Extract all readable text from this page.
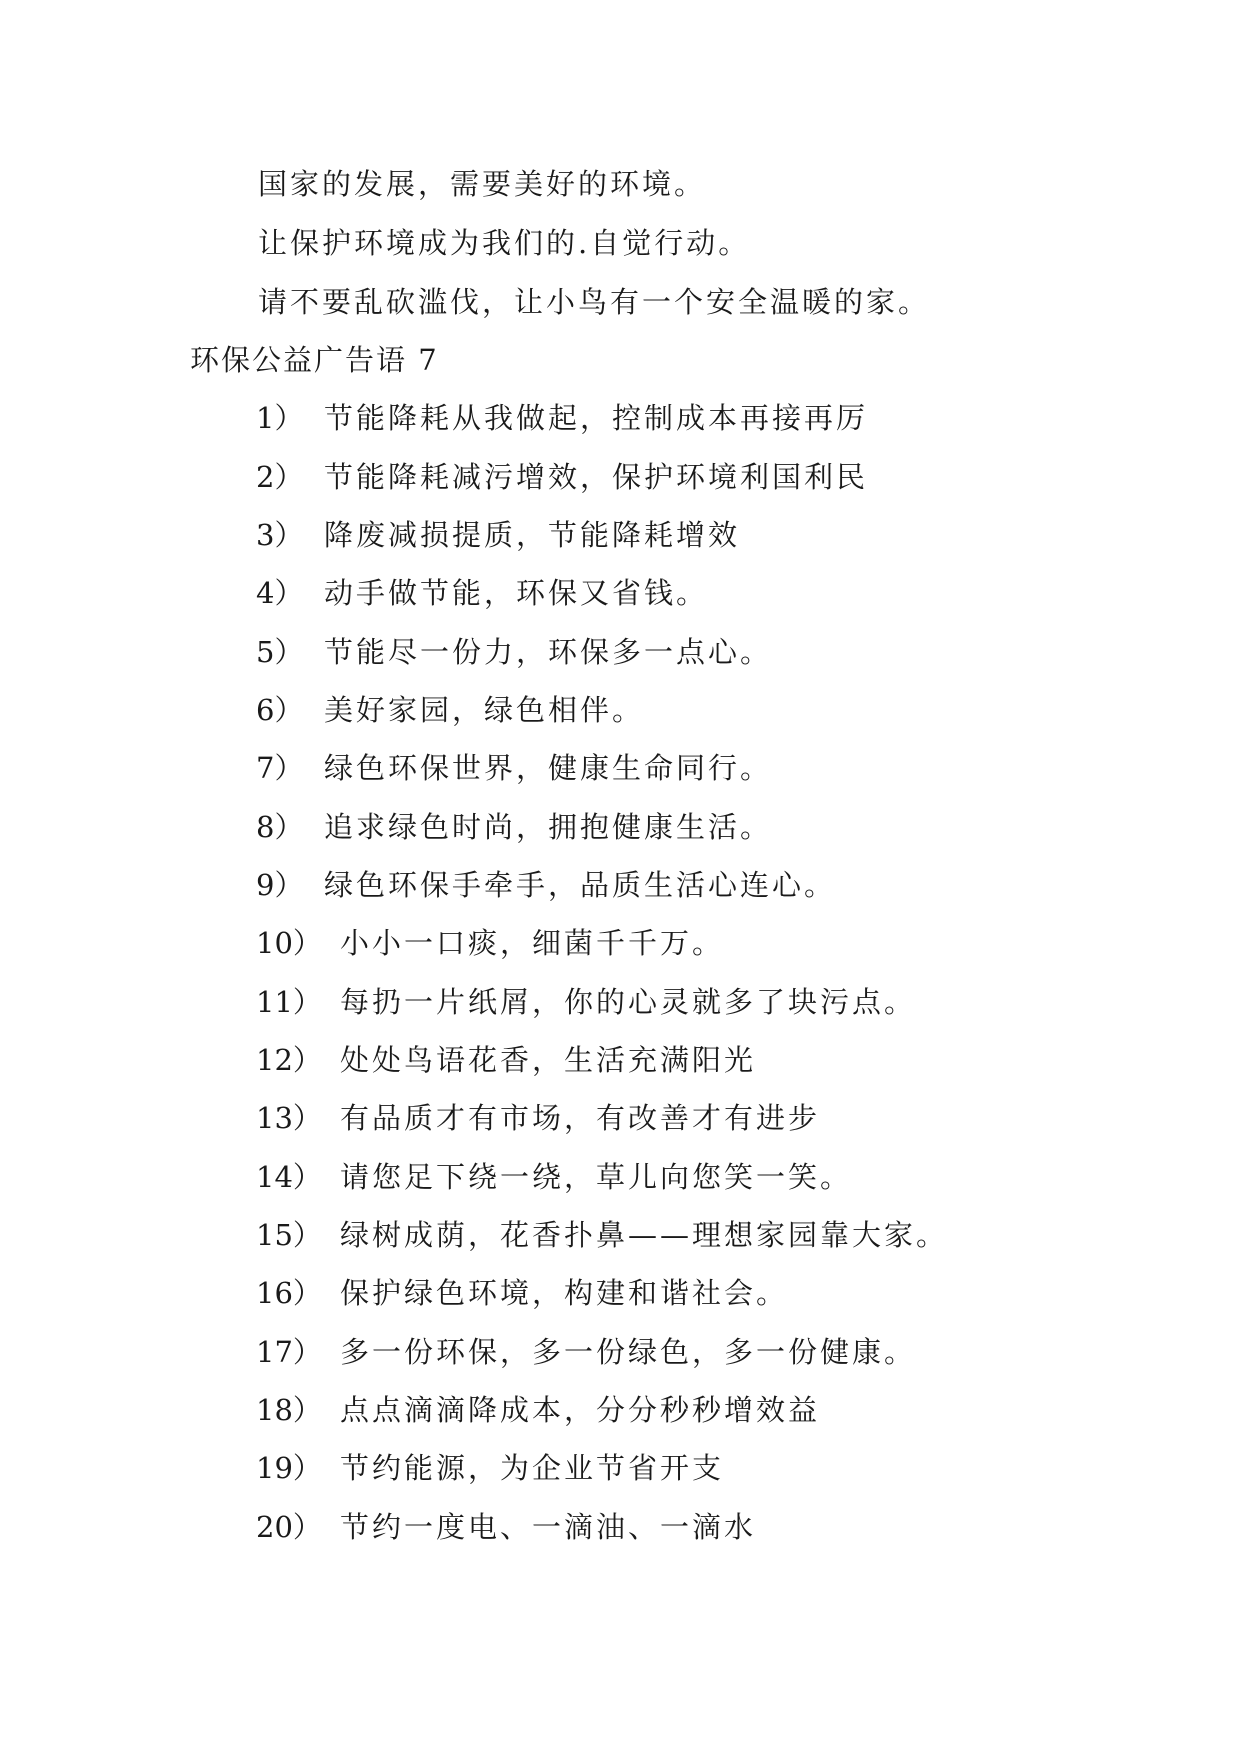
国家的发展，需要美好的环境。
让保护环境成为我们的.自觉行动。
请不要乱砍滥伐，让小鸟有一个安全温暖的家。
环保公益广告语 7
1） 节能降耗从我做起，控制成本再接再厉
2） 节能降耗减污增效，保护环境利国利民
3） 降废减损提质，节能降耗增效
4） 动手做节能，环保又省钱。
5） 节能尽一份力，环保多一点心。
6） 美好家园，绿色相伴。
7） 绿色环保世界，健康生命同行。
8） 追求绿色时尚，拥抱健康生活。
9） 绿色环保手牵手，品质生活心连心。
10） 小小一口痰，细菌千千万。
11） 每扔一片纸屑，你的心灵就多了块污点。
12） 处处鸟语花香，生活充满阳光
13） 有品质才有市场，有改善才有进步
14） 请您足下绕一绕，草儿向您笑一笑。
15） 绿树成荫，花香扑鼻——理想家园靠大家。
16） 保护绿色环境，构建和谐社会。
17） 多一份环保，多一份绿色，多一份健康。
18） 点点滴滴降成本，分分秒秒增效益
19） 节约能源，为企业节省开支
20） 节约一度电、一滴油、一滴水
